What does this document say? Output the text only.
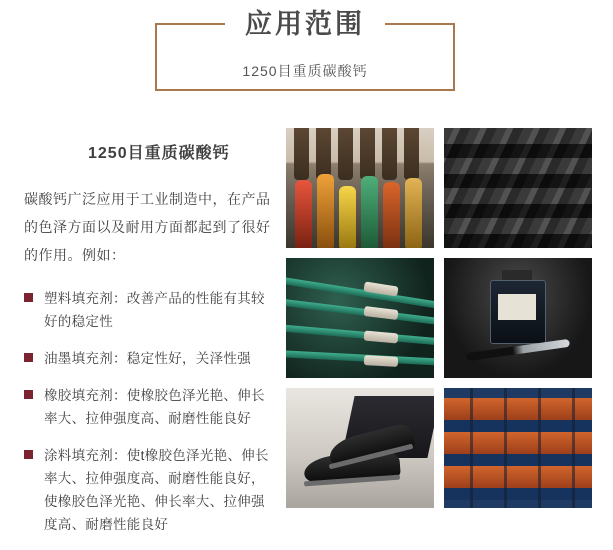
应用范围
1250目重质碳酸钙
1250目重质碳酸钙

碳酸钙广泛应用于工业制造中，在产品的色泽方面以及耐用方面都起到了很好的作用。例如：

塑料填充剂：改善产品的性能有其较好的稳定性
油墨填充剂：稳定性好，关泽性强
橡胶填充剂：使橡胶色泽光艳、伸长率大、拉伸强度高、耐磨性能良好
涂料填充剂：使t橡胶色泽光艳、伸长率大、拉伸强度高、耐磨性能良好，使橡胶色泽光艳、伸长率大、拉伸强度高、耐磨性能良好
